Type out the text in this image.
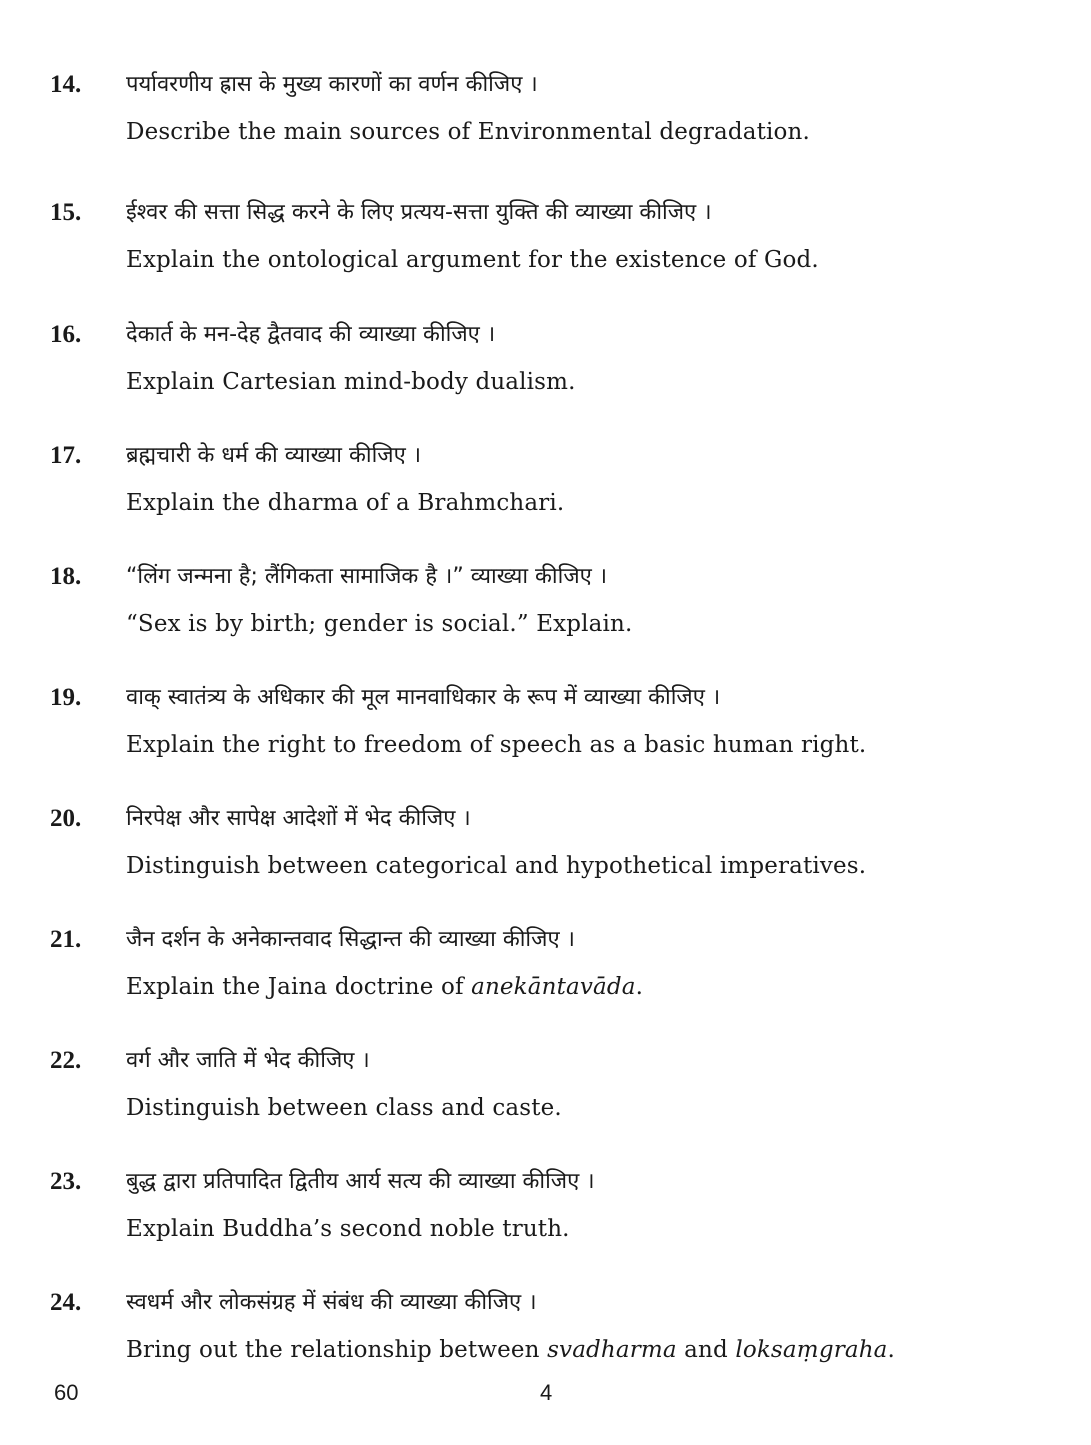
14. पर्यावरणीय ह्रास के मुख्य कारणों का वर्णन कीजिए ।
Describe the main sources of Environmental degradation.
15. ईश्वर की सत्ता सिद्ध करने के लिए प्रत्यय-सत्ता युक्ति की व्याख्या कीजिए ।
Explain the ontological argument for the existence of God.
16. देकार्त के मन-देह द्वैतवाद की व्याख्या कीजिए ।
Explain Cartesian mind-body dualism.
17. ब्रह्मचारी के धर्म की व्याख्या कीजिए ।
Explain the dharma of a Brahmchari.
18. “लिंग जन्मना है; लैंगिकता सामाजिक है ।” व्याख्या कीजिए ।
“Sex is by birth; gender is social.” Explain.
19. वाक् स्वातंत्र्य के अधिकार की मूल मानवाधिकार के रूप में व्याख्या कीजिए ।
Explain the right to freedom of speech as a basic human right.
20. निरपेक्ष और सापेक्ष आदेशों में भेद कीजिए ।
Distinguish between categorical and hypothetical imperatives.
21. जैन दर्शन के अनेकान्तवाद सिद्धान्त की व्याख्या कीजिए ।
Explain the Jaina doctrine of anekāntavāda.
22. वर्ग और जाति में भेद कीजिए ।
Distinguish between class and caste.
23. बुद्ध द्वारा प्रतिपादित द्वितीय आर्य सत्य की व्याख्या कीजिए ।
Explain Buddha’s second noble truth.
24. स्वधर्म और लोकसंग्रह में संबंध की व्याख्या कीजिए ।
Bring out the relationship between svadharma and loksaṃgraha.
60	4
